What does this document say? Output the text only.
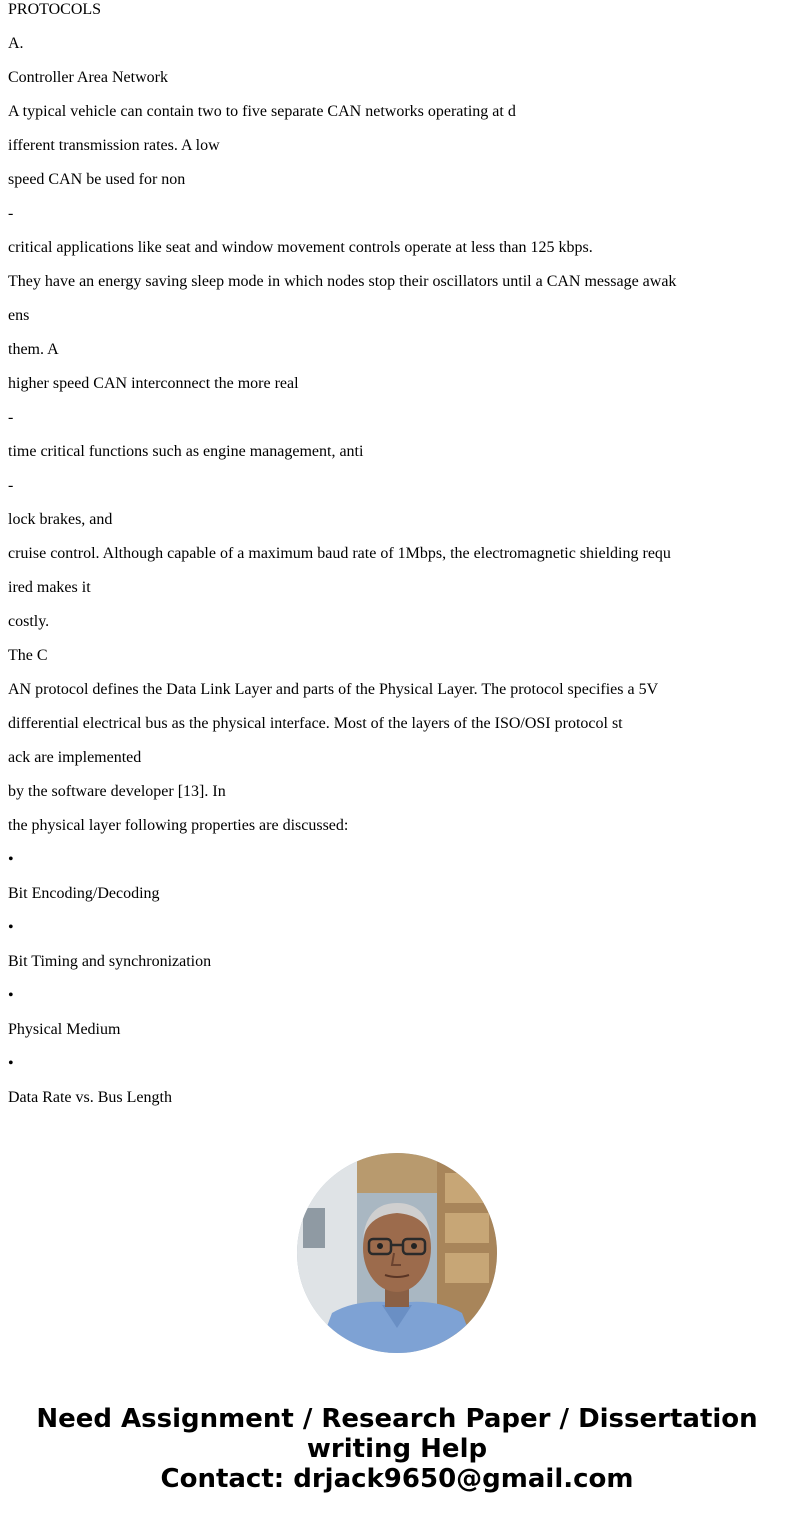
PROTOCOLS

A.

Controller Area Network

A typical vehicle can contain two to five separate CAN networks operating at d

ifferent transmission rates. A low

speed CAN be used for non

-

critical applications like seat and window movement controls operate at less than 125 kbps.

They have an energy saving sleep mode in which nodes stop their oscillators until a CAN message awak

ens

them. A

higher speed CAN interconnect the more real

-

time critical functions such as engine management, anti

-

lock brakes, and

cruise control. Although capable of a maximum baud rate of 1Mbps, the electromagnetic shielding requ

ired makes it

costly.

The C

AN protocol defines the Data Link Layer and parts of the Physical Layer. The protocol specifies a 5V

differential electrical bus as the physical interface. Most of the layers of the ISO/OSI protocol st

ack are implemented

by the software developer [13]. In

the physical layer following properties are discussed:

•

Bit Encoding/Decoding

•

Bit Timing and synchronization

•

Physical Medium

•

Data Rate vs. Bus Length

Need Assignment / Research Paper / Dissertation
writing Help
Contact: drjack9650@gmail.com
